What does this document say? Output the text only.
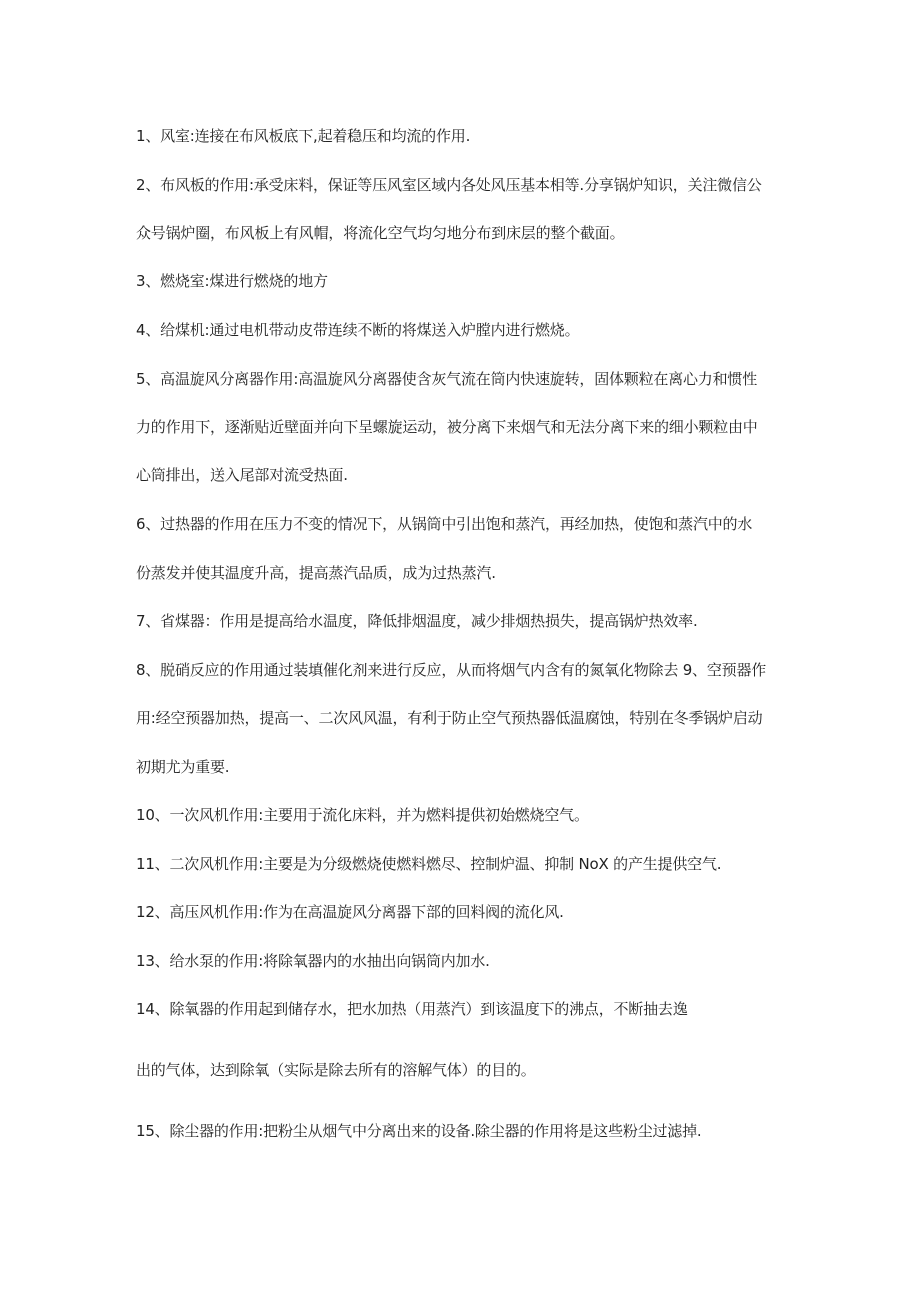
1、风室:连接在布风板底下,起着稳压和均流的作用.
2、布风板的作用:承受床料，保证等压风室区域内各处风压基本相等.分享锅炉知识，关注微信公
众号锅炉圈，布风板上有风帽，将流化空气均匀地分布到床层的整个截面。
3、燃烧室:煤进行燃烧的地方
4、给煤机:通过电机带动皮带连续不断的将煤送入炉膛内进行燃烧。
5、高温旋风分离器作用:高温旋风分离器使含灰气流在筒内快速旋转，固体颗粒在离心力和惯性
力的作用下，逐渐贴近壁面并向下呈螺旋运动，被分离下来烟气和无法分离下来的细小颗粒由中
心筒排出，送入尾部对流受热面.
6、过热器的作用在压力不变的情况下，从锅筒中引出饱和蒸汽，再经加热，使饱和蒸汽中的水
份蒸发并使其温度升高，提高蒸汽品质，成为过热蒸汽.
7、省煤器：作用是提高给水温度，降低排烟温度，减少排烟热损失，提高锅炉热效率.
8、脱硝反应的作用通过装填催化剂来进行反应，从而将烟气内含有的氮氧化物除去 9、空预器作
用:经空预器加热，提高一、二次风风温，有利于防止空气预热器低温腐蚀，特别在冬季锅炉启动
初期尤为重要.
10、一次风机作用:主要用于流化床料，并为燃料提供初始燃烧空气。
11、二次风机作用:主要是为分级燃烧使燃料燃尽、控制炉温、抑制 NoX 的产生提供空气.
12、高压风机作用:作为在高温旋风分离器下部的回料阀的流化风.
13、给水泵的作用:将除氧器内的水抽出向锅筒内加水.
14、除氧器的作用起到储存水，把水加热（用蒸汽）到该温度下的沸点，不断抽去逸
出的气体，达到除氧（实际是除去所有的溶解气体）的目的。
15、除尘器的作用:把粉尘从烟气中分离出来的设备.除尘器的作用将是这些粉尘过滤掉.
